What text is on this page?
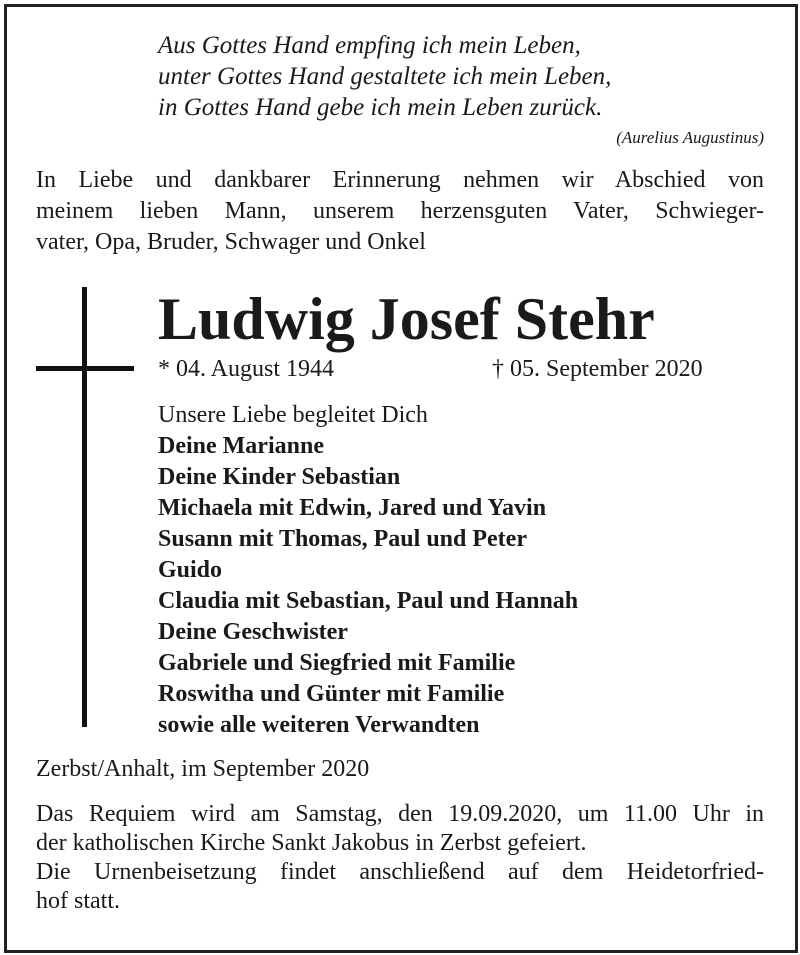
Aus Gottes Hand empfing ich mein Leben,
unter Gottes Hand gestaltete ich mein Leben,
in Gottes Hand gebe ich mein Leben zurück.
(Aurelius Augustinus)
In Liebe und dankbarer Erinnerung nehmen wir Abschied von
meinem lieben Mann, unserem herzensguten Vater, Schwieger-
vater, Opa, Bruder, Schwager und Onkel
Ludwig Josef Stehr
* 04. August 1944	† 05. September 2020
Unsere Liebe begleitet Dich
Deine Marianne
Deine Kinder Sebastian
Michaela mit Edwin, Jared und Yavin
Susann mit Thomas, Paul und Peter
Guido
Claudia mit Sebastian, Paul und Hannah
Deine Geschwister
Gabriele und Siegfried mit Familie
Roswitha und Günter mit Familie
sowie alle weiteren Verwandten
Zerbst/Anhalt, im September 2020
Das Requiem wird am Samstag, den 19.09.2020, um 11.00 Uhr in
der katholischen Kirche Sankt Jakobus in Zerbst gefeiert.
Die Urnenbeisetzung findet anschließend auf dem Heidetorfried-
hof statt.
